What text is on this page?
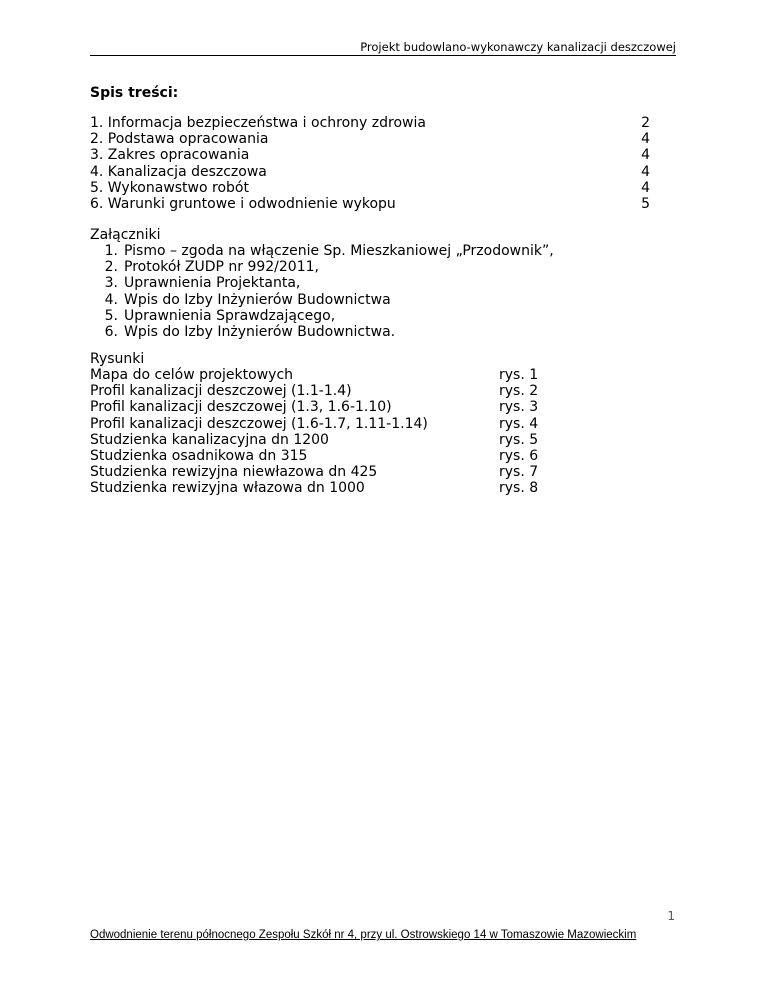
Projekt budowlano-wykonawczy kanalizacji deszczowej
Spis treści:
1. Informacja bezpieczeństwa i ochrony zdrowia	2
2. Podstawa opracowania	4
3. Zakres opracowania	4
4. Kanalizacja deszczowa	4
5. Wykonawstwo robót	4
6. Warunki gruntowe i odwodnienie wykopu	5
Załączniki
1. Pismo – zgoda na włączenie Sp. Mieszkaniowej „Przodownik”,
2. Protokół ZUDP nr 992/2011,
3. Uprawnienia Projektanta,
4. Wpis do Izby Inżynierów Budownictwa
5. Uprawnienia Sprawdzającego,
6. Wpis do Izby Inżynierów Budownictwa.
Rysunki
Mapa do celów projektowych	rys. 1
Profil kanalizacji deszczowej (1.1-1.4)	rys. 2
Profil kanalizacji deszczowej (1.3, 1.6-1.10)	rys. 3
Profil kanalizacji deszczowej (1.6-1.7, 1.11-1.14)	rys. 4
Studzienka kanalizacyjna dn 1200	rys. 5
Studzienka osadnikowa dn 315	rys. 6
Studzienka rewizyjna niewłazowa dn 425	rys. 7
Studzienka rewizyjna włazowa dn 1000	rys. 8
1
Odwodnienie terenu północnego Zespołu Szkół nr 4, przy ul. Ostrowskiego 14 w Tomaszowie Mazowieckim
